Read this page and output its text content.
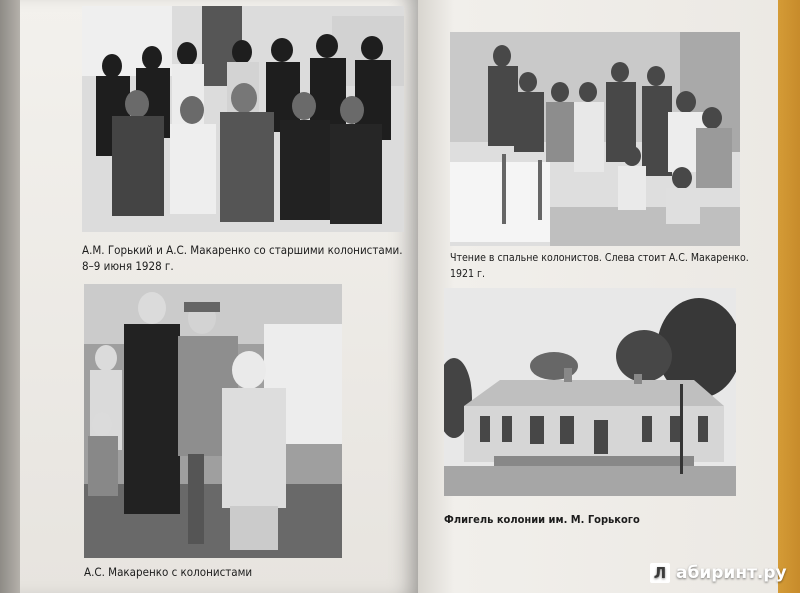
А.М. Горький и А.С. Макаренко со старшими колонистами.
8–9 июня 1928 г.
А.С. Макаренко с колонистами
Чтение в спальне колонистов. Слева стоит А.С. Макаренко. 1921 г.
Флигель колонии им. М. Горького
Л абиринт.ру
